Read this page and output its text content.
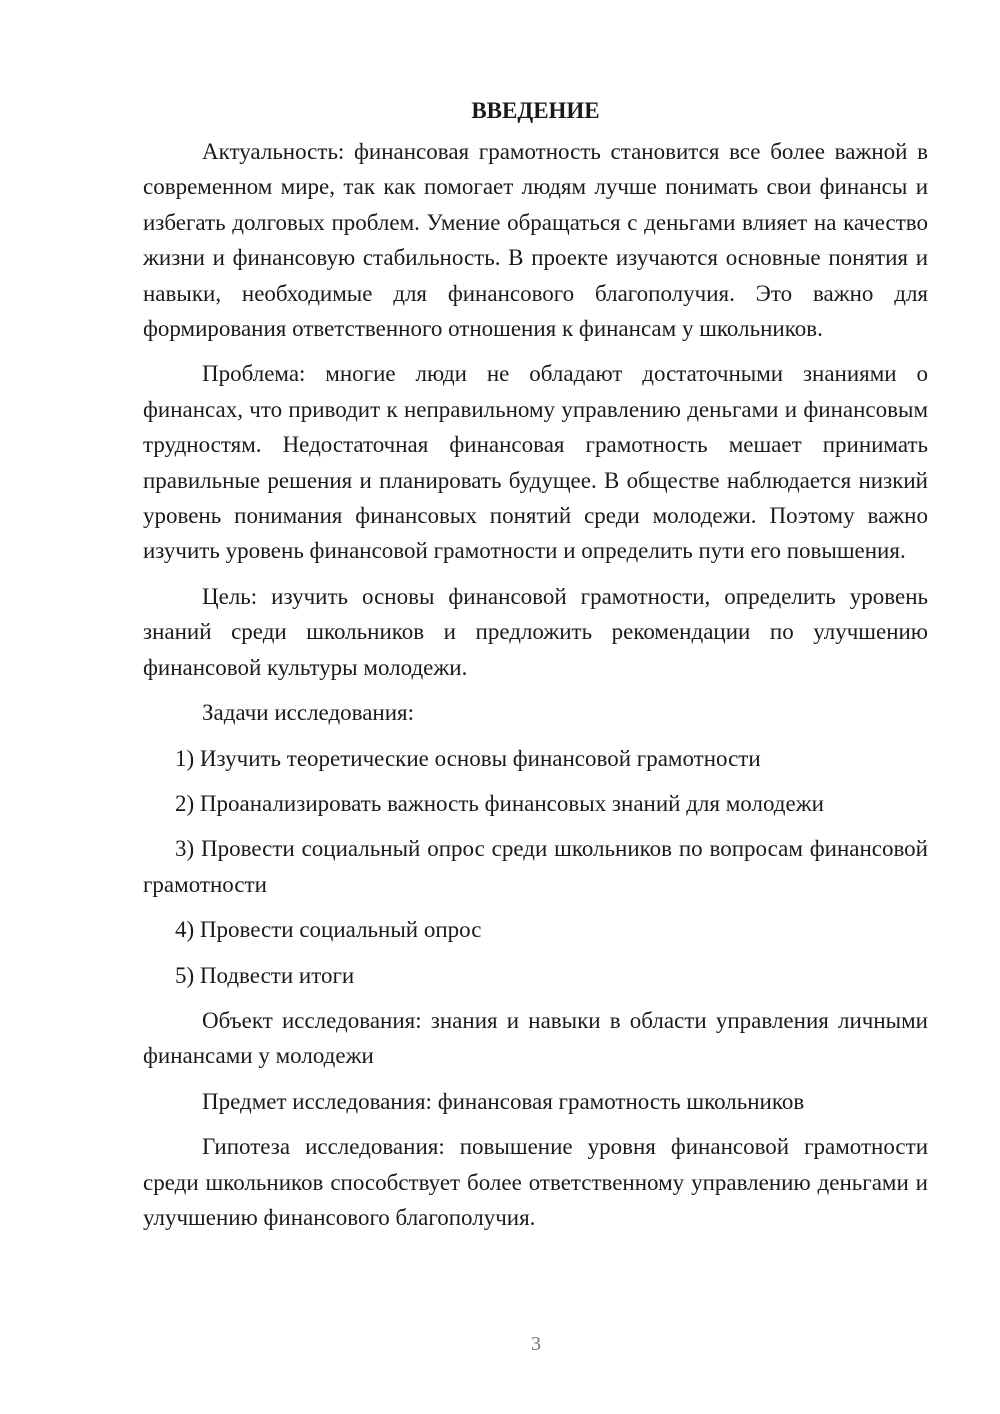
ВВЕДЕНИЕ

Актуальность: финансовая грамотность становится все более важной в современном мире, так как помогает людям лучше понимать свои финансы и избегать долговых проблем. Умение обращаться с деньгами влияет на качество жизни и финансовую стабильность. В проекте изучаются основные понятия и навыки, необходимые для финансового благополучия. Это важно для формирования ответственного отношения к финансам у школьников.

Проблема: многие люди не обладают достаточными знаниями о финансах, что приводит к неправильному управлению деньгами и финансовым трудностям. Недостаточная финансовая грамотность мешает принимать правильные решения и планировать будущее. В обществе наблюдается низкий уровень понимания финансовых понятий среди молодежи. Поэтому важно изучить уровень финансовой грамотности и определить пути его повышения.

Цель: изучить основы финансовой грамотности, определить уровень знаний среди школьников и предложить рекомендации по улучшению финансовой культуры молодежи.

Задачи исследования:

1) Изучить теоретические основы финансовой грамотности

2) Проанализировать важность финансовых знаний для молодежи

3) Провести социальный опрос среди школьников по вопросам финансовой грамотности

4) Провести социальный опрос

5) Подвести итоги

Объект исследования: знания и навыки в области управления личными финансами у молодежи

Предмет исследования: финансовая грамотность школьников

Гипотеза исследования: повышение уровня финансовой грамотности среди школьников способствует более ответственному управлению деньгами и улучшению финансового благополучия.

3
